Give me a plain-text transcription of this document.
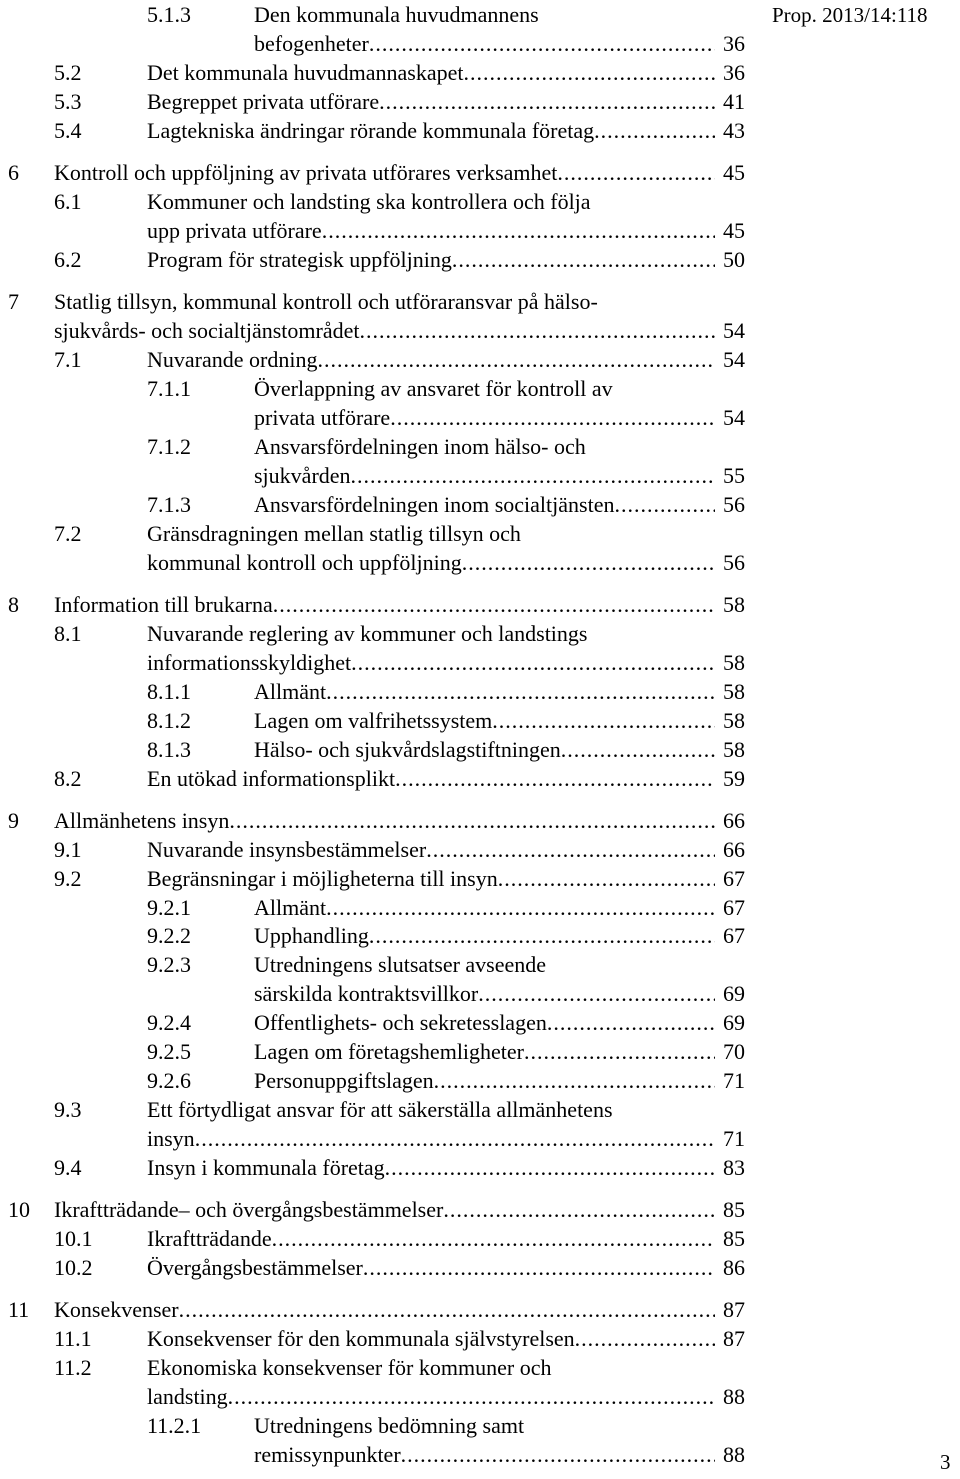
Prop. 2013/14:118
5.1.3	Den kommunala huvudmannens
befogenheter .....	36
5.2	Det kommunala huvudmannaskapet .....	36
5.3	Begreppet privata utförare .....	41
5.4	Lagtekniska ändringar rörande kommunala företag .....	43
6 Kontroll och uppföljning av privata utförares verksamhet .....	45
6.1	Kommuner och landsting ska kontrollera och följa
upp privata utförare .....	45
6.2	Program för strategisk uppföljning .....	50
7 Statlig tillsyn, kommunal kontroll och utföraransvar på hälso-
sjukvårds- och socialtjänstområdet .....	54
7.1	Nuvarande ordning .....	54
7.1.1	Överlappning av ansvaret för kontroll av
privata utförare .....	54
7.1.2	Ansvarsfördelningen inom hälso- och
sjukvården .....	55
7.1.3	Ansvarsfördelningen inom socialtjänsten .....	56
7.2	Gränsdragningen mellan statlig tillsyn och
kommunal kontroll och uppföljning .....	56
8 Information till brukarna .....	58
8.1	Nuvarande reglering av kommuner och landstings
informationsskyldighet .....	58
8.1.1	Allmänt .....	58
8.1.2	Lagen om valfrihetssystem .....	58
8.1.3	Hälso- och sjukvårdslagstiftningen .....	58
8.2	En utökad informationsplikt .....	59
9 Allmänhetens insyn .....	66
9.1	Nuvarande insynsbestämmelser .....	66
9.2	Begränsningar i möjligheterna till insyn .....	67
9.2.1	Allmänt .....	67
9.2.2	Upphandling .....	67
9.2.3	Utredningens slutsatser avseende
särskilda kontraktsvillkor .....	69
9.2.4	Offentlighets- och sekretesslagen .....	69
9.2.5	Lagen om företagshemligheter .....	70
9.2.6	Personuppgiftslagen .....	71
9.3	Ett förtydligat ansvar för att säkerställa allmänhetens
insyn .....	71
9.4	Insyn i kommunala företag .....	83
10 Ikraftträdande– och övergångsbestämmelser .....	85
10.1 Ikraftträdande .....	85
10.2 Övergångsbestämmelser .....	86
11 Konsekvenser .....	87
11.1	Konsekvenser för den kommunala självstyrelsen .....	87
11.2	Ekonomiska konsekvenser för kommuner och
landsting .....	88
11.2.1 Utredningens bedömning samt
remissynpunkter .....	88	3
